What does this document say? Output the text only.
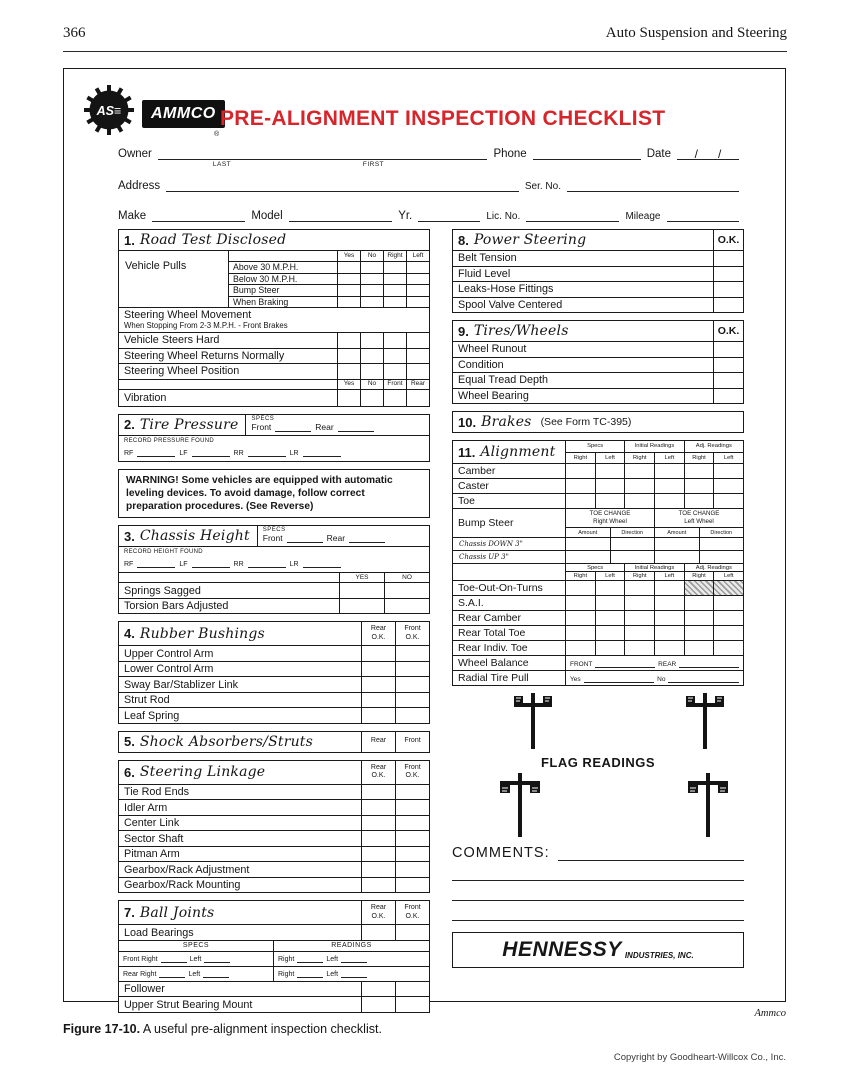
366	Auto Suspension and Steering
AS≡	AMMCO
®
PRE-ALIGNMENT INSPECTION CHECKLIST
Owner
LAST	FIRST
Phone	Date	/      /
Address	Ser. No.
Make	Model	Yr.	Lic. No.	Mileage
1. Road Test Disclosed
Vehicle Pulls
Yes	No	Right	Left
Above 30 M.P.H.
Below 30 M.P.H.
Bump Steer
When Braking
Steering Wheel Movement
When Stopping From 2-3 M.P.H. - Front Brakes
Vehicle Steers Hard
Steering Wheel Returns Normally
Steering Wheel Position
Yes	No	Front	Rear
Vibration
2. Tire Pressure SPECS
Front	Rear
RECORD PRESSURE FOUND
RF	LF	RR	LR
WARNING! Some vehicles are equipped with automatic leveling devices. To avoid damage, follow correct preparation procedures. (See Reverse)
3. Chassis Height SPECS
Front	Rear
RECORD HEIGHT FOUND
RF	LF	RR	LR
YES	NO
Springs Sagged
Torsion Bars Adjusted
4. Rubber Bushings	Rear O.K.
Front O.K.
Upper Control Arm
Lower Control Arm
Sway Bar/Stablizer Link
Strut Rod
Leaf Spring
5. Shock Absorbers/Struts	Rear	Front
6. Steering Linkage	Rear O.K.
Front O.K.
Tie Rod Ends
Idler Arm
Center Link
Sector Shaft
Pitman Arm
Gearbox/Rack Adjustment
Gearbox/Rack Mounting
7. Ball Joints	Rear O.K.
Front O.K.
Load Bearings
SPECS	READINGS
Front Right	Left	Right	Left
Rear Right	Left	Right	Left
Follower
Upper Strut Bearing Mount
8. Power Steering	O.K.
Belt Tension
Fluid Level
Leaks-Hose Fittings
Spool Valve Centered
9. Tires/Wheels	O.K.
Wheel Runout
Condition
Equal Tread Depth
Wheel Bearing
10. Brakes (See Form TC-395)
11. Alignment	Specs	Initial Readings	Adj. Readings
Right	Left	Right	Left	Right	Left
Camber
Caster
Toe
Bump Steer
TOE CHANGE
Right Wheel
TOE CHANGE
Left Wheel
Amount	Direction	Amount	Direction
Chassis DOWN 3"
Chassis UP 3"
Specs	Initial Readings	Adj. Readings
Right	Left	Right	Left	Right	Left
Toe-Out-On-Turns
S.A.I.
Rear Camber
Rear Total Toe
Rear Indiv. Toe
Wheel Balance	FRONT	REAR
Radial Tire Pull	Yes	No
FLAG READINGS
COMMENTS:
HENNESSY INDUSTRIES, INC.
Ammco
Figure 17-10. A useful pre-alignment inspection checklist.
Copyright by Goodheart-Willcox Co., Inc.
